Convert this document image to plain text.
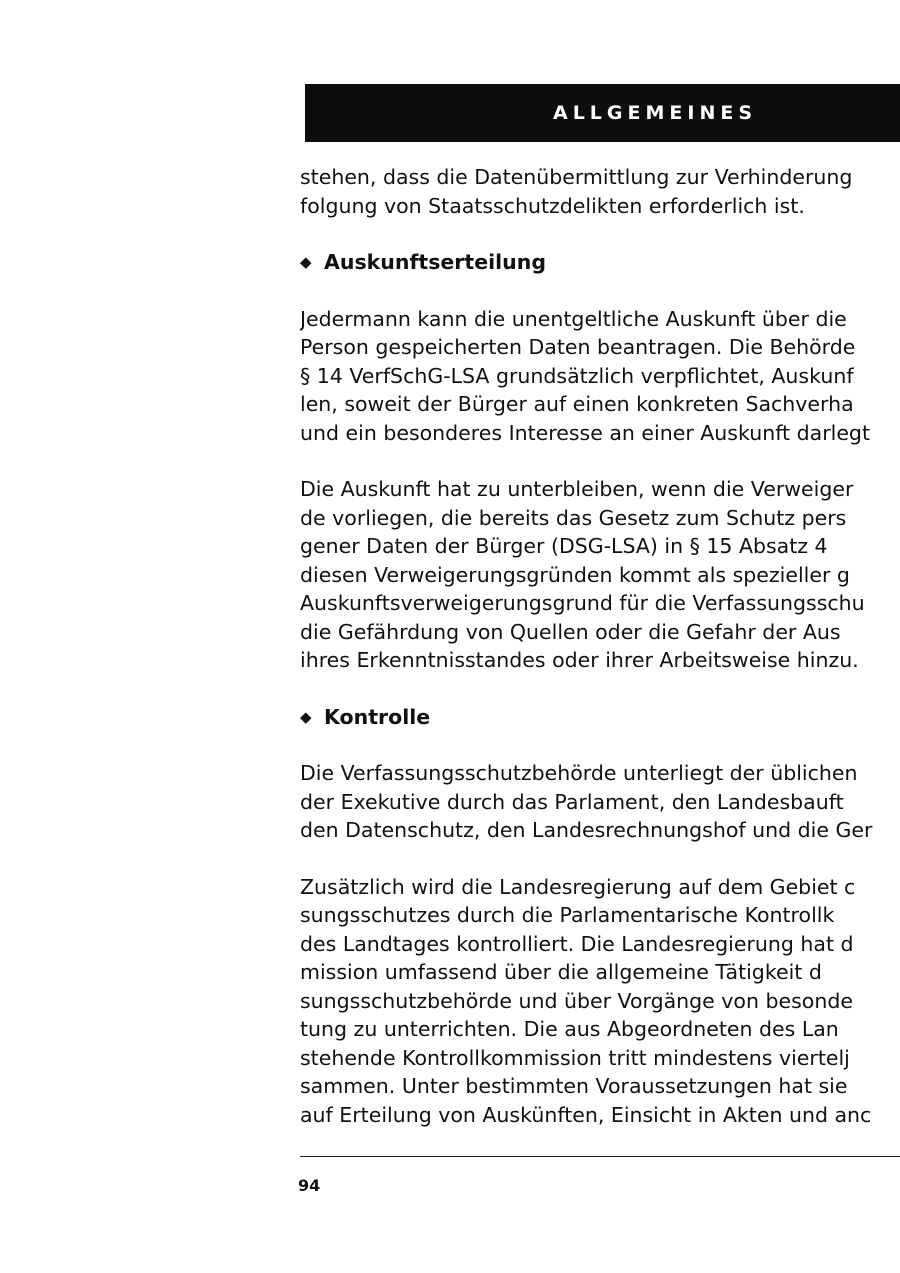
ALLGEMEINES
stehen, dass die Datenübermittlung zur Verhinderung
folgung von Staatsschutzdelikten erforderlich ist.
◆ Auskunftserteilung
Jedermann kann die unentgeltliche Auskunft über die
Person gespeicherten Daten beantragen. Die Behörde
§ 14 VerfSchG-LSA grundsätzlich verpflichtet, Auskunf
len, soweit der Bürger auf einen konkreten Sachverha
und ein besonderes Interesse an einer Auskunft darlegt
Die Auskunft hat zu unterbleiben, wenn die Verweiger
de vorliegen, die bereits das Gesetz zum Schutz pers
gener Daten der Bürger (DSG-LSA) in § 15 Absatz 4
diesen Verweigerungsgründen kommt als spezieller g
Auskunftsverweigerungsgrund für die Verfassungsschu
die Gefährdung von Quellen oder die Gefahr der Aus
ihres Erkenntnisstandes oder ihrer Arbeitsweise hinzu.
◆ Kontrolle
Die Verfassungsschutzbehörde unterliegt der üblichen
der Exekutive durch das Parlament, den Landesbauft
den Datenschutz, den Landesrechnungshof und die Ger
Zusätzlich wird die Landesregierung auf dem Gebiet c
sungsschutzes durch die Parlamentarische Kontrollk
des Landtages kontrolliert. Die Landesregierung hat d
mission umfassend über die allgemeine Tätigkeit d
sungsschutzbehörde und über Vorgänge von besonde
tung zu unterrichten. Die aus Abgeordneten des Lan
stehende Kontrollkommission tritt mindestens viertelj
sammen. Unter bestimmten Voraussetzungen hat sie
auf Erteilung von Auskünften, Einsicht in Akten und anc
94
